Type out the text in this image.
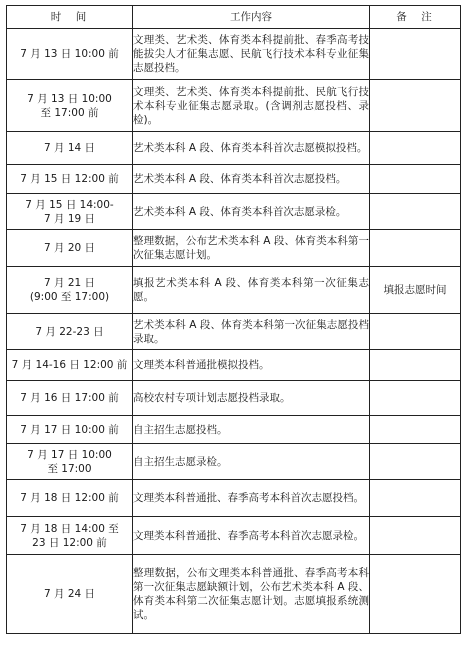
时　间	工作内容	备　注
7 月 13 日 10:00 前	文理类、艺术类、体育类本科提前批、春季高考技能拔尖人才征集志愿、民航飞行技术本科专业征集志愿投档。	
7 月 13 日 10:00
至 17:00 前	文理类、艺术类、体育类本科提前批、民航飞行技术本科专业征集志愿录取。(含调剂志愿投档、录检)。	
7 月 14 日	艺术类本科 A 段、体育类本科首次志愿模拟投档。	
7 月 15 日 12:00 前	艺术类本科 A 段、体育类本科首次志愿投档。	
7 月 15 日 14:00-
7 月 19 日	艺术类本科 A 段、体育类本科首次志愿录检。	
7 月 20 日	整理数据，公布艺术类本科 A 段、体育类本科第一次征集志愿计划。	
7 月 21 日
(9:00 至 17:00)	填报艺术类本科 A 段、体育类本科第一次征集志愿。	填报志愿时间
7 月 22-23 日	艺术类本科 A 段、体育类本科第一次征集志愿投档录取。	
7 月 14-16 日 12:00 前	文理类本科普通批模拟投档。	
7 月 16 日 17:00 前	高校农村专项计划志愿投档录取。	
7 月 17 日 10:00 前	自主招生志愿投档。	
7 月 17 日 10:00
至 17:00	自主招生志愿录检。	
7 月 18 日 12:00 前	文理类本科普通批、春季高考本科首次志愿投档。	
7 月 18 日 14:00 至
23 日 12:00 前	文理类本科普通批、春季高考本科首次志愿录检。	
7 月 24 日	整理数据，公布文理类本科普通批、春季高考本科第一次征集志愿缺额计划，公布艺术类本科 A 段、体育类本科第二次征集志愿计划。志愿填报系统测试。	
